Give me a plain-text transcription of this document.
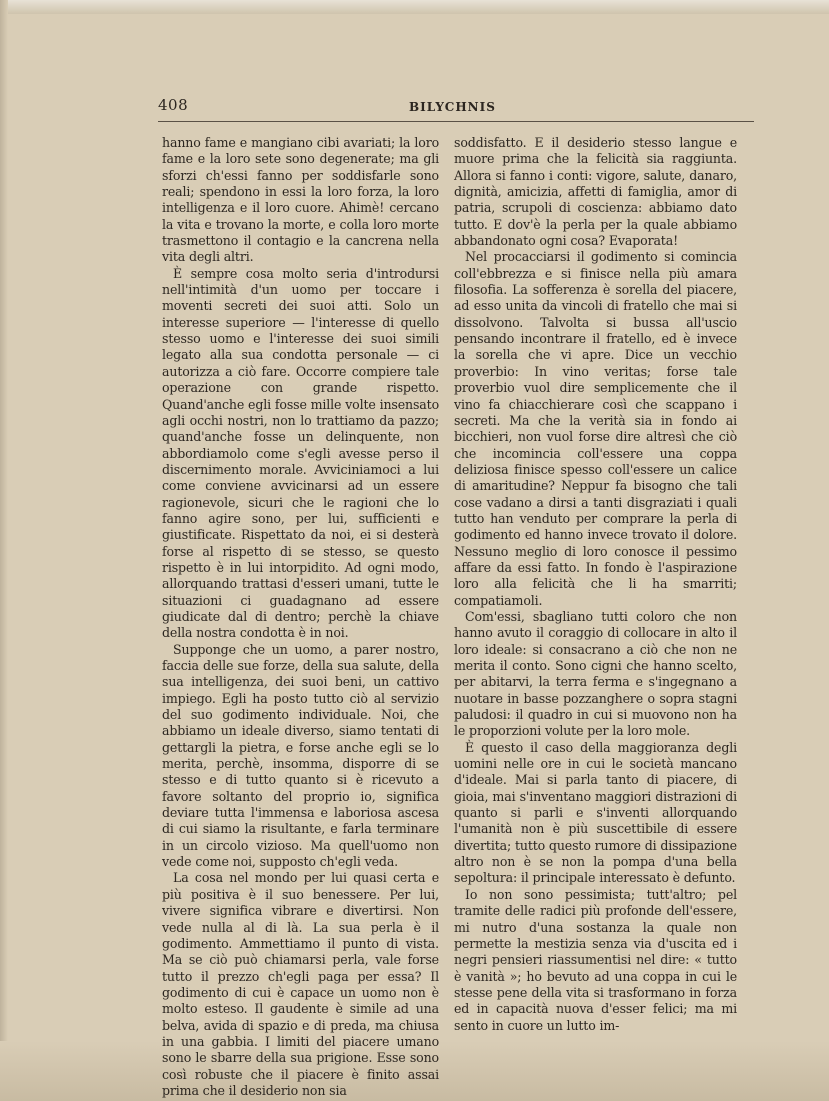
408	BILYCHNIS

hanno fame e mangiano cibi avariati; la loro fame e la loro sete sono degenerate; ma gli sforzi ch'essi fanno per soddisfarle sono reali; spendono in essi la loro forza, la loro intelligenza e il loro cuore. Ahimè! cercano la vita e trovano la morte, e colla loro morte trasmettono il contagio e la cancrena nella vita degli altri.

È sempre cosa molto seria d'introdursi nell'intimità d'un uomo per toccare i moventi secreti dei suoi atti. Solo un interesse superiore — l'interesse di quello stesso uomo e l'interesse dei suoi simili legato alla sua condotta personale — ci autorizza a ciò fare. Occorre compiere tale operazione con grande rispetto. Quand'anche egli fosse mille volte insensato agli occhi nostri, non lo trattiamo da pazzo; quand'anche fosse un delinquente, non abbordiamolo come s'egli avesse perso il discernimento morale. Avviciniamoci a lui come conviene avvicinarsi ad un essere ragionevole, sicuri che le ragioni che lo fanno agire sono, per lui, sufficienti e giustificate. Rispettato da noi, ei si desterà forse al rispetto di se stesso, se questo rispetto è in lui intorpidito. Ad ogni modo, allorquando trattasi d'esseri umani, tutte le situazioni ci guadagnano ad essere giudicate dal di dentro; perchè la chiave della nostra condotta è in noi.

Supponge che un uomo, a parer nostro, faccia delle sue forze, della sua salute, della sua intelligenza, dei suoi beni, un cattivo impiego. Egli ha posto tutto ciò al servizio del suo godimento individuale. Noi, che abbiamo un ideale diverso, siamo tentati di gettargli la pietra, e forse anche egli se lo merita, perchè, insomma, disporre di se stesso e di tutto quanto si è ricevuto a favore soltanto del proprio io, significa deviare tutta l'immensa e laboriosa ascesa di cui siamo la risultante, e farla terminare in un circolo vizioso. Ma quell'uomo non vede come noi, supposto ch'egli veda.

La cosa nel mondo per lui quasi certa e più positiva è il suo benessere. Per lui, vivere significa vibrare e divertirsi. Non vede nulla al di là. La sua perla è il godimento. Ammettiamo il punto di vista. Ma se ciò può chiamarsi perla, vale forse tutto il prezzo ch'egli paga per essa? Il godimento di cui è capace un uomo non è molto esteso. Il gaudente è simile ad una belva, avida di spazio e di preda, ma chiusa in una gabbia. I limiti del piacere umano sono le sbarre della sua prigione. Esse sono così robuste che il piacere è finito assai prima che il desiderio non sia

soddisfatto. E il desiderio stesso langue e muore prima che la felicità sia raggiunta. Allora si fanno i conti: vigore, salute, danaro, dignità, amicizia, affetti di famiglia, amor di patria, scrupoli di coscienza: abbiamo dato tutto. E dov'è la perla per la quale abbiamo abbandonato ogni cosa? Evaporata!

Nel procacciarsi il godimento si comincia coll'ebbrezza e si finisce nella più amara filosofia. La sofferenza è sorella del piacere, ad esso unita da vincoli di fratello che mai si dissolvono. Talvolta si bussa all'uscio pensando incontrare il fratello, ed è invece la sorella che vi apre. Dice un vecchio proverbio: In vino veritas; forse tale proverbio vuol dire semplicemente che il vino fa chiacchierare così che scappano i secreti. Ma che la verità sia in fondo ai bicchieri, non vuol forse dire altresì che ciò che incomincia coll'essere una coppa deliziosa finisce spesso coll'essere un calice di amaritudine? Neppur fa bisogno che tali cose vadano a dirsi a tanti disgraziati i quali tutto han venduto per comprare la perla di godimento ed hanno invece trovato il dolore. Nessuno meglio di loro conosce il pessimo affare da essi fatto. In fondo è l'aspirazione loro alla felicità che li ha smarriti; compatiamoli.

Com'essi, sbagliano tutti coloro che non hanno avuto il coraggio di collocare in alto il loro ideale: si consacrano a ciò che non ne merita il conto. Sono cigni che hanno scelto, per abitarvi, la terra ferma e s'ingegnano a nuotare in basse pozzanghere o sopra stagni paludosi: il quadro in cui si muovono non ha le proporzioni volute per la loro mole.

È questo il caso della maggioranza degli uomini nelle ore in cui le società mancano d'ideale. Mai si parla tanto di piacere, di gioia, mai s'inventano maggiori distrazioni di quanto si parli e s'inventi allorquando l'umanità non è più suscettibile di essere divertita; tutto questo rumore di dissipazione altro non è se non la pompa d'una bella sepoltura: il principale interessato è defunto.

Io non sono pessimista; tutt'altro; pel tramite delle radici più profonde dell'essere, mi nutro d'una sostanza la quale non permette la mestizia senza via d'uscita ed i negri pensieri riassumentisi nel dire: « tutto è vanità »; ho bevuto ad una coppa in cui le stesse pene della vita si trasformano in forza ed in capacità nuova d'esser felici; ma mi sento in cuore un lutto im-
